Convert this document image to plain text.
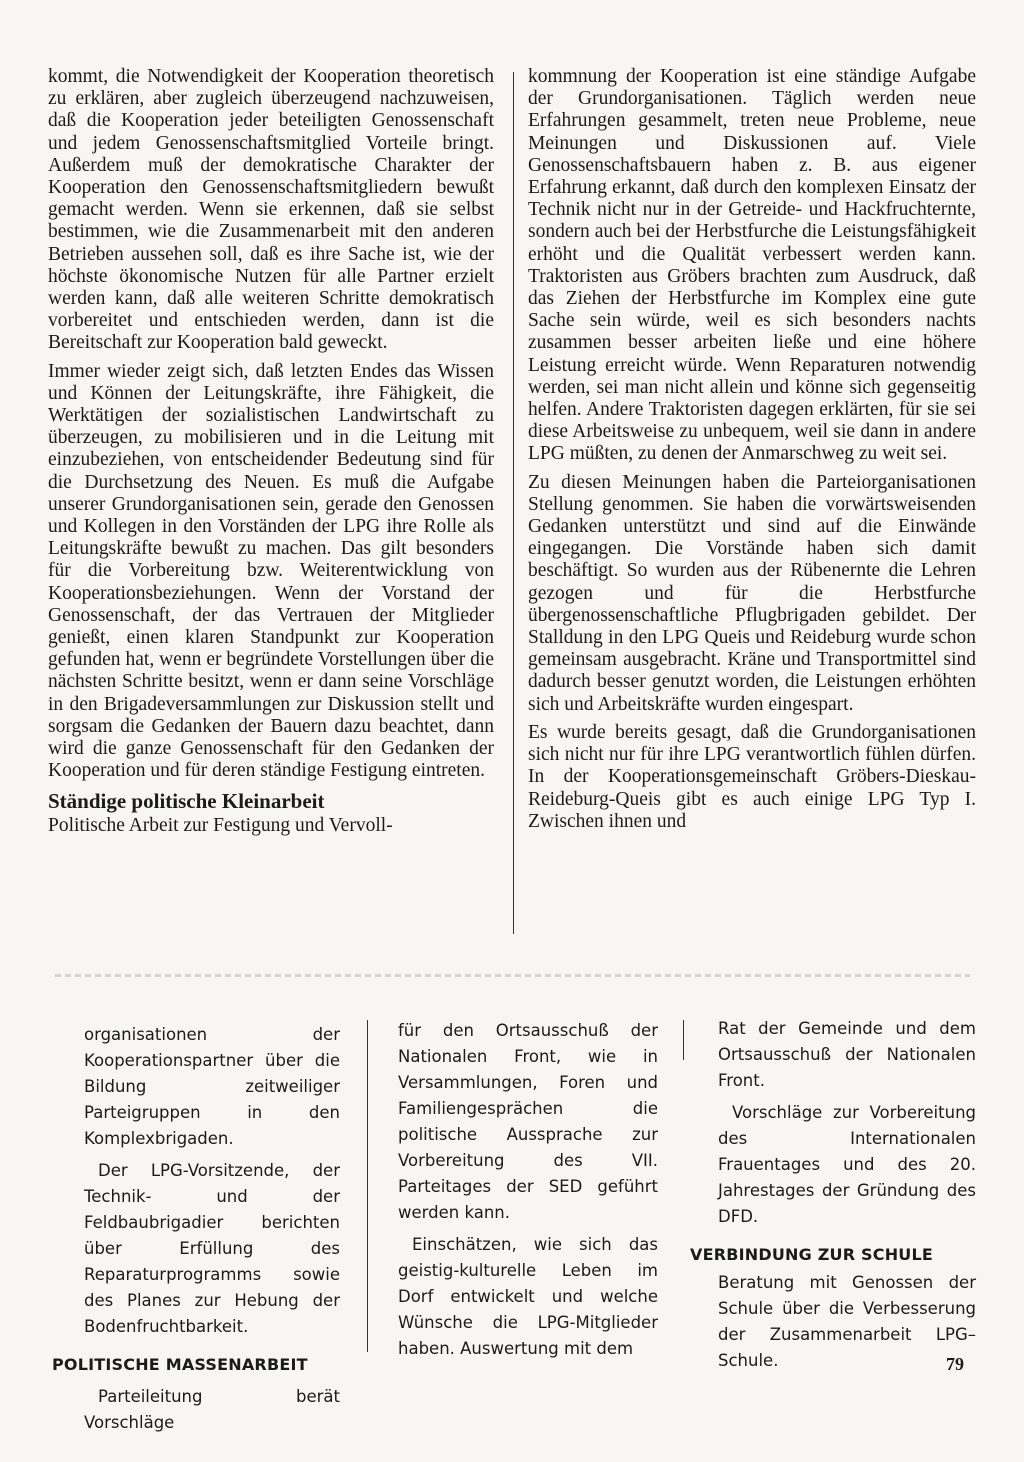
kommt, die Notwendigkeit der Kooperation theoretisch zu erklären, aber zugleich überzeugend nachzuweisen, daß die Kooperation jeder beteiligten Genossenschaft und jedem Genossenschaftsmitglied Vorteile bringt. Außerdem muß der demokratische Charakter der Kooperation den Genossenschaftsmitgliedern bewußt gemacht werden. Wenn sie erkennen, daß sie selbst bestimmen, wie die Zusammenarbeit mit den anderen Betrieben aussehen soll, daß es ihre Sache ist, wie der höchste ökonomische Nutzen für alle Partner erzielt werden kann, daß alle weiteren Schritte demokratisch vorbereitet und entschieden werden, dann ist die Bereitschaft zur Kooperation bald geweckt.

Immer wieder zeigt sich, daß letzten Endes das Wissen und Können der Leitungskräfte, ihre Fähigkeit, die Werktätigen der sozialistischen Landwirtschaft zu überzeugen, zu mobilisieren und in die Leitung mit einzubeziehen, von entscheidender Bedeutung sind für die Durchsetzung des Neuen. Es muß die Aufgabe unserer Grundorganisationen sein, gerade den Genossen und Kollegen in den Vorständen der LPG ihre Rolle als Leitungskräfte bewußt zu machen. Das gilt besonders für die Vorbereitung bzw. Weiterentwicklung von Kooperationsbeziehungen. Wenn der Vorstand der Genossenschaft, der das Vertrauen der Mitglieder genießt, einen klaren Standpunkt zur Kooperation gefunden hat, wenn er begründete Vorstellungen über die nächsten Schritte besitzt, wenn er dann seine Vorschläge in den Brigadeversammlungen zur Diskussion stellt und sorgsam die Gedanken der Bauern dazu beachtet, dann wird die ganze Genossenschaft für den Gedanken der Kooperation und für deren ständige Festigung eintreten.

Ständige politische Kleinarbeit

Politische Arbeit zur Festigung und Vervoll-

kommnung der Kooperation ist eine ständige Aufgabe der Grundorganisationen. Täglich werden neue Erfahrungen gesammelt, treten neue Probleme, neue Meinungen und Diskussionen auf. Viele Genossenschaftsbauern haben z. B. aus eigener Erfahrung erkannt, daß durch den komplexen Einsatz der Technik nicht nur in der Getreide- und Hackfruchternte, sondern auch bei der Herbstfurche die Leistungsfähigkeit erhöht und die Qualität verbessert werden kann. Traktoristen aus Gröbers brachten zum Ausdruck, daß das Ziehen der Herbstfurche im Komplex eine gute Sache sein würde, weil es sich besonders nachts zusammen besser arbeiten ließe und eine höhere Leistung erreicht würde. Wenn Reparaturen notwendig werden, sei man nicht allein und könne sich gegenseitig helfen. Andere Traktoristen dagegen erklärten, für sie sei diese Arbeitsweise zu unbequem, weil sie dann in andere LPG müßten, zu denen der Anmarschweg zu weit sei.

Zu diesen Meinungen haben die Parteiorganisationen Stellung genommen. Sie haben die vorwärtsweisenden Gedanken unterstützt und sind auf die Einwände eingegangen. Die Vorstände haben sich damit beschäftigt. So wurden aus der Rübenernte die Lehren gezogen und für die Herbstfurche übergenossenschaftliche Pflugbrigaden gebildet. Der Stalldung in den LPG Queis und Reideburg wurde schon gemeinsam ausgebracht. Kräne und Transportmittel sind dadurch besser genutzt worden, die Leistungen erhöhten sich und Arbeitskräfte wurden eingespart.

Es wurde bereits gesagt, daß die Grundorganisationen sich nicht nur für ihre LPG verantwortlich fühlen dürfen. In der Kooperationsgemeinschaft Gröbers-Dieskau-Reideburg-Queis gibt es auch einige LPG Typ I. Zwischen ihnen und

organisationen der Kooperationspartner über die Bildung zeitweiliger Parteigruppen in den Komplexbrigaden.

Der LPG-Vorsitzende, der Technik- und der Feldbaubrigadier berichten über Erfüllung des Reparaturprogramms sowie des Planes zur Hebung der Bodenfruchtbarkeit.

POLITISCHE MASSENARBEIT

Parteileitung berät Vorschläge

für den Ortsausschuß der Nationalen Front, wie in Versammlungen, Foren und Familiengesprächen die politische Aussprache zur Vorbereitung des VII. Parteitages der SED geführt werden kann.

Einschätzen, wie sich das geistig-kulturelle Leben im Dorf entwickelt und welche Wünsche die LPG-Mitglieder haben. Auswertung mit dem

Rat der Gemeinde und dem Ortsausschuß der Nationalen Front.

Vorschläge zur Vorbereitung des Internationalen Frauentages und des 20. Jahrestages der Gründung des DFD.

VERBINDUNG ZUR SCHULE

Beratung mit Genossen der Schule über die Verbesserung der Zusammenarbeit LPG–Schule.	79
